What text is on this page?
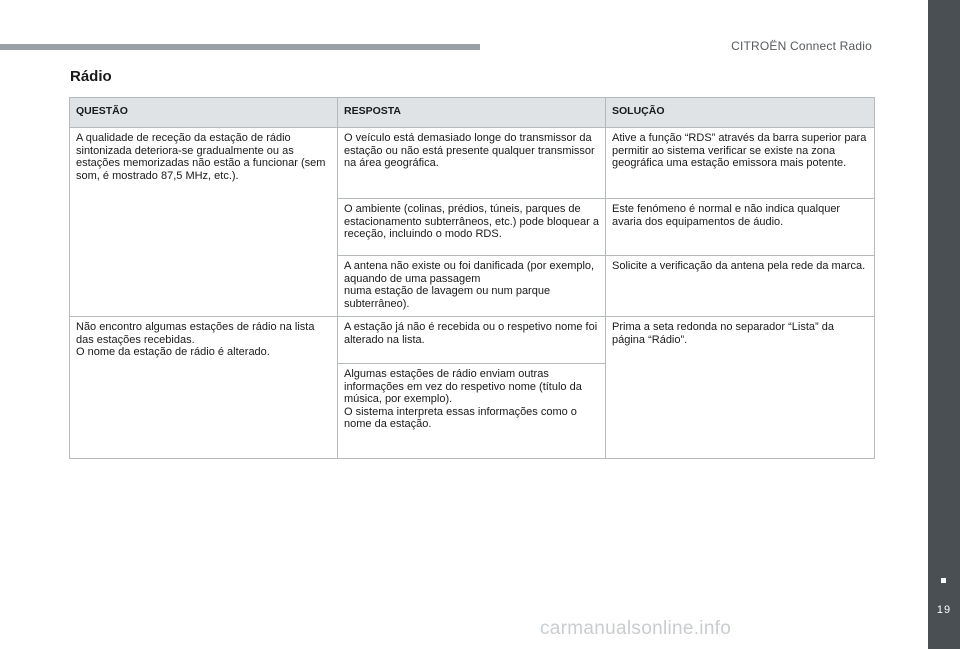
CITROËN Connect Radio
19
Rádio
QUESTÃO	RESPOSTA	SOLUÇÃO
A qualidade de receção da estação de rádio sintonizada deteriora-se gradualmente ou as estações memorizadas não estão a funcionar (sem som, é mostrado 87,5 MHz, etc.).	O veículo está demasiado longe do transmissor da estação ou não está presente qualquer transmissor na área geográfica.	Ative a função “RDS” através da barra superior para permitir ao sistema verificar se existe na zona geográfica uma estação emissora mais potente.
	O ambiente (colinas, prédios, túneis, parques de estacionamento subterrâneos, etc.) pode bloquear a receção, incluindo o modo RDS.	Este fenómeno é normal e não indica qualquer avaria dos equipamentos de áudio.
	A antena não existe ou foi danificada (por exemplo, aquando de uma passagem
numa estação de lavagem ou num parque subterrâneo).	Solicite a verificação da antena pela rede da marca.
Não encontro algumas estações de rádio na lista das estações recebidas.
O nome da estação de rádio é alterado.	A estação já não é recebida ou o respetivo nome foi alterado na lista.	Prima a seta redonda no separador “Lista” da página “Rádio”.
	Algumas estações de rádio enviam outras informações em vez do respetivo nome (título da música, por exemplo).
O sistema interpreta essas informações como o nome da estação.	
carmanualsonline.info
